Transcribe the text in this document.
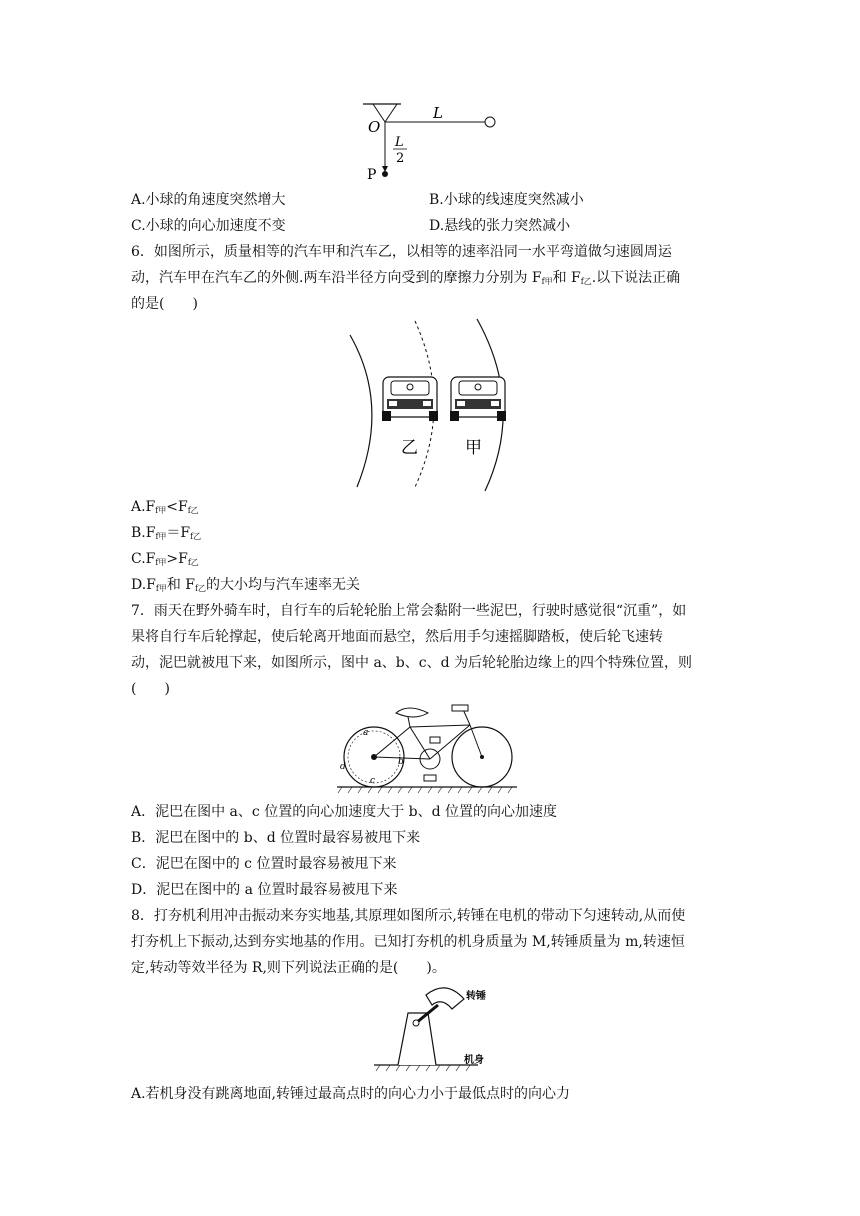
L
O
L
2
P
A.小球的角速度突然增大	B.小球的线速度突然减小
C.小球的向心加速度不变	D.悬线的张力突然减小
6．如图所示，质量相等的汽车甲和汽车乙，以相等的速率沿同一水平弯道做匀速圆周运
动，汽车甲在汽车乙的外侧.两车沿半径方向受到的摩擦力分别为 $F_{f甲}$和 $F_{f乙}$.以下说法正确
的是(　　)
乙	甲
$A.F_{f甲}<F_{f乙}$
$B.F_{f甲}=F_{f乙}$
$C.F_{f甲}>F_{f乙}$
$D.F_{f甲}$和 $F_{f乙}$的大小均与汽车速率无关
7．雨天在野外骑车时，自行车的后轮轮胎上常会黏附一些泥巴，行驶时感觉很“沉重”，如
果将自行车后轮撑起，使后轮离开地面而悬空，然后用手匀速摇脚踏板，使后轮飞速转
动，泥巴就被甩下来，如图所示，图中 a、b、c、d 为后轮轮胎边缘上的四个特殊位置，则
(　　)
a
b
c
d
A．泥巴在图中 a、c 位置的向心加速度大于 b、d 位置的向心加速度
B．泥巴在图中的 b、d 位置时最容易被甩下来
C．泥巴在图中的 c 位置时最容易被甩下来
D．泥巴在图中的 a 位置时最容易被甩下来
8．打夯机利用冲击振动来夯实地基,其原理如图所示,转锤在电机的带动下匀速转动,从而使
打夯机上下振动,达到夯实地基的作用。已知打夯机的机身质量为 M,转锤质量为 m,转速恒
定,转动等效半径为 R,则下列说法正确的是(　　)。
转锤
机身
A.若机身没有跳离地面,转锤过最高点时的向心力小于最低点时的向心力
